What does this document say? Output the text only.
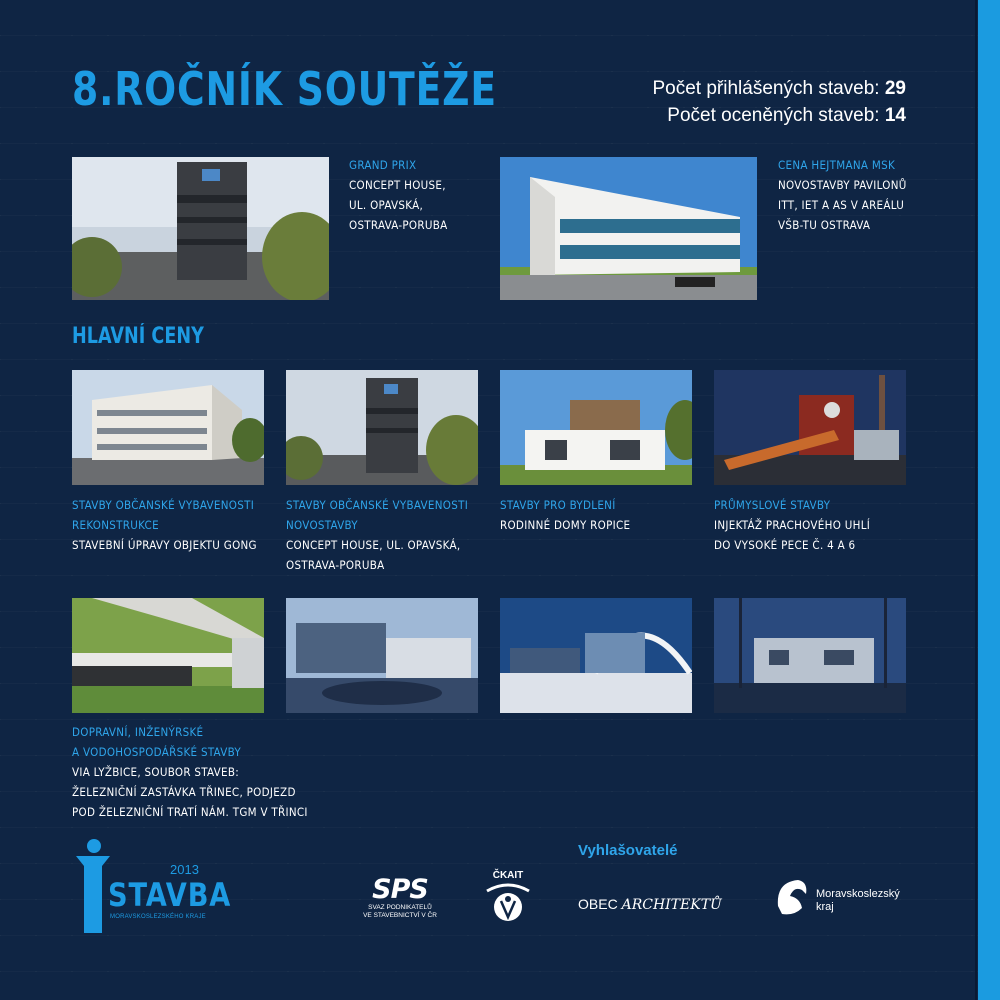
8.ROČNÍK SOUTĚŽE	Počet přihlášených staveb: 29
Počet oceněných staveb: 14
GRAND PRIX
CONCEPT HOUSE,
UL. OPAVSKÁ,
OSTRAVA-PORUBA
CENA HEJTMANA MSK
NOVOSTAVBY PAVILONŮ
ITT, IET A AS V AREÁLU
VŠB-TU OSTRAVA
HLAVNÍ CENY
STAVBY OBČANSKÉ VYBAVENOSTI
REKONSTRUKCE
STAVEBNÍ ÚPRAVY OBJEKTU GONG
STAVBY OBČANSKÉ VYBAVENOSTI
NOVOSTAVBY
CONCEPT HOUSE, UL. OPAVSKÁ,
OSTRAVA-PORUBA
STAVBY PRO BYDLENÍ
RODINNÉ DOMY ROPICE
PRŮMYSLOVÉ STAVBY
INJEKTÁŽ PRACHOVÉHO UHLÍ
DO VYSOKÉ PECE Č. 4 A 6
DOPRAVNÍ, INŽENÝRSKÉ
A VODOHOSPODÁŘSKÉ STAVBY
VIA LYŽBICE, SOUBOR STAVEB:
ŽELEZNIČNÍ ZASTÁVKA TŘINEC, PODJEZD
POD ŽELEZNIČNÍ TRATÍ NÁM. TGM V TŘINCI
2013
STAVBA
MORAVSKOSLEZSKÉHO KRAJE
Vyhlašovatelé
SPS
SVAZ PODNIKATELŮ
VE STAVEBNICTVÍ V ČR
ČKAIT
OBEC ARCHITEKTŮ
Moravskoslezský
kraj
